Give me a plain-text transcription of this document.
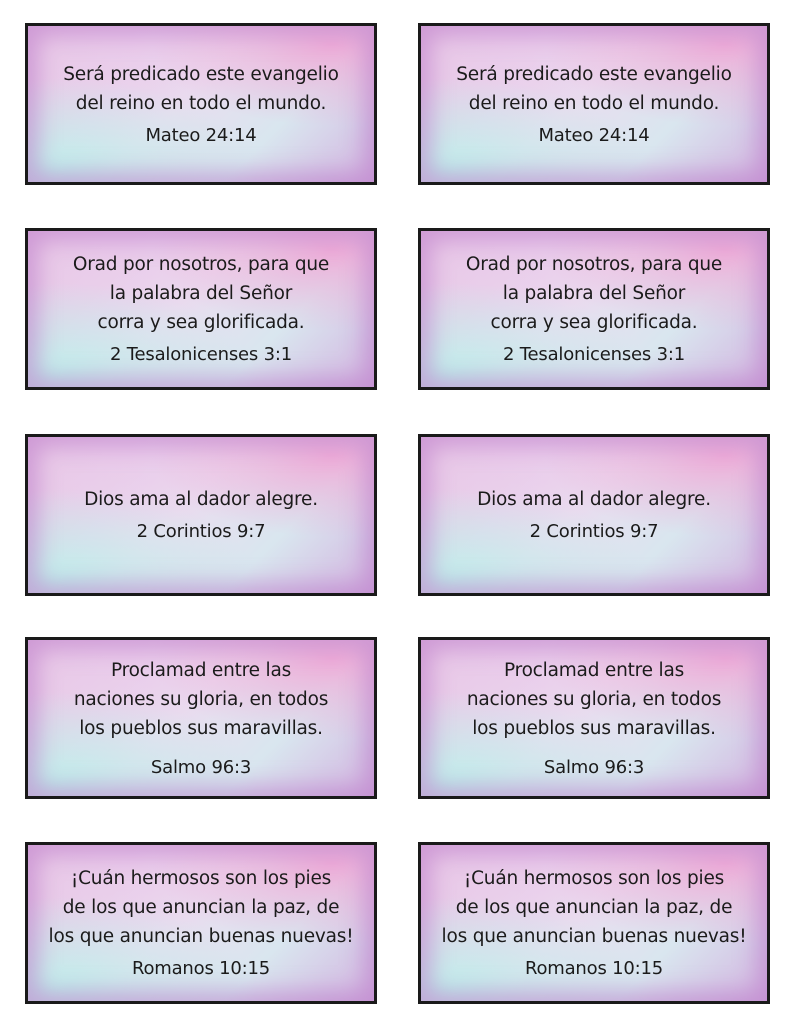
Será predicado este evangelio
del reino en todo el mundo.
Mateo 24:14
Será predicado este evangelio
del reino en todo el mundo.
Mateo 24:14
Orad por nosotros, para que
la palabra del Señor
corra y sea glorificada.
2 Tesalonicenses 3:1
Orad por nosotros, para que
la palabra del Señor
corra y sea glorificada.
2 Tesalonicenses 3:1
Dios ama al dador alegre.
2 Corintios 9:7
Dios ama al dador alegre.
2 Corintios 9:7
Proclamad entre las
naciones su gloria, en todos
los pueblos sus maravillas.
Salmo 96:3
Proclamad entre las
naciones su gloria, en todos
los pueblos sus maravillas.
Salmo 96:3
¡Cuán hermosos son los pies
de los que anuncian la paz, de
los que anuncian buenas nuevas!
Romanos 10:15
¡Cuán hermosos son los pies
de los que anuncian la paz, de
los que anuncian buenas nuevas!
Romanos 10:15
